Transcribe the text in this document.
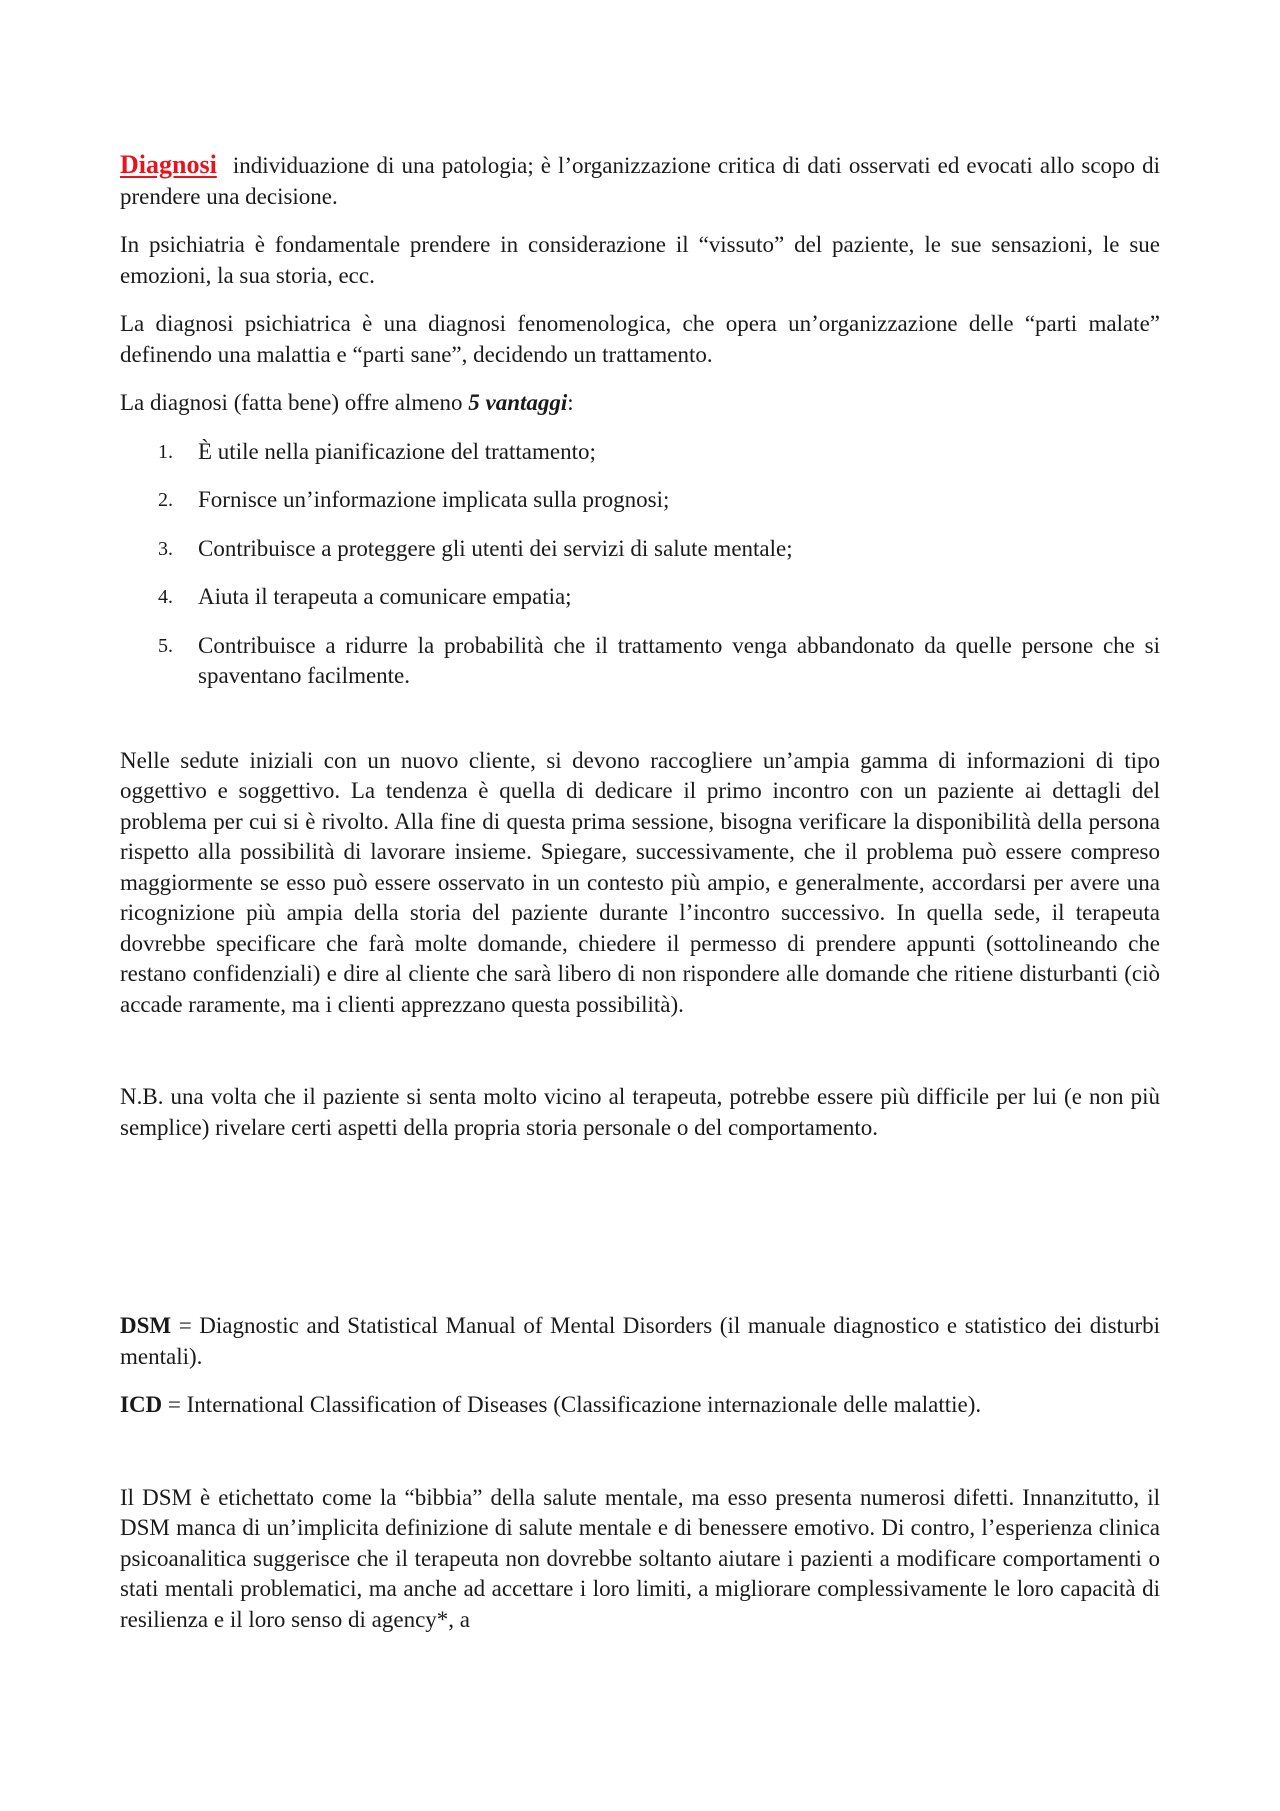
Diagnosi individuazione di una patologia; è l’organizzazione critica di dati osservati ed evocati allo scopo di prendere una decisione.

In psichiatria è fondamentale prendere in considerazione il “vissuto” del paziente, le sue sensazioni, le sue emozioni, la sua storia, ecc.

La diagnosi psichiatrica è una diagnosi fenomenologica, che opera un’organizzazione delle “parti malate” definendo una malattia e “parti sane”, decidendo un trattamento.

La diagnosi (fatta bene) offre almeno 5 vantaggi:

1. È utile nella pianificazione del trattamento;
2. Fornisce un’informazione implicata sulla prognosi;
3. Contribuisce a proteggere gli utenti dei servizi di salute mentale;
4. Aiuta il terapeuta a comunicare empatia;
5. Contribuisce a ridurre la probabilità che il trattamento venga abbandonato da quelle persone che si spaventano facilmente.

Nelle sedute iniziali con un nuovo cliente, si devono raccogliere un’ampia gamma di informazioni di tipo oggettivo e soggettivo. La tendenza è quella di dedicare il primo incontro con un paziente ai dettagli del problema per cui si è rivolto. Alla fine di questa prima sessione, bisogna verificare la disponibilità della persona rispetto alla possibilità di lavorare insieme. Spiegare, successivamente, che il problema può essere compreso maggiormente se esso può essere osservato in un contesto più ampio, e generalmente, accordarsi per avere una ricognizione più ampia della storia del paziente durante l’incontro successivo. In quella sede, il terapeuta dovrebbe specificare che farà molte domande, chiedere il permesso di prendere appunti (sottolineando che restano confidenziali) e dire al cliente che sarà libero di non rispondere alle domande che ritiene disturbanti (ciò accade raramente, ma i clienti apprezzano questa possibilità).

N.B. una volta che il paziente si senta molto vicino al terapeuta, potrebbe essere più difficile per lui (e non più semplice) rivelare certi aspetti della propria storia personale o del comportamento.

DSM = Diagnostic and Statistical Manual of Mental Disorders (il manuale diagnostico e statistico dei disturbi mentali).

ICD = International Classification of Diseases (Classificazione internazionale delle malattie).

Il DSM è etichettato come la “bibbia” della salute mentale, ma esso presenta numerosi difetti. Innanzitutto, il DSM manca di un’implicita definizione di salute mentale e di benessere emotivo. Di contro, l’esperienza clinica psicoanalitica suggerisce che il terapeuta non dovrebbe soltanto aiutare i pazienti a modificare comportamenti o stati mentali problematici, ma anche ad accettare i loro limiti, a migliorare complessivamente le loro capacità di resilienza e il loro senso di agency*, a
